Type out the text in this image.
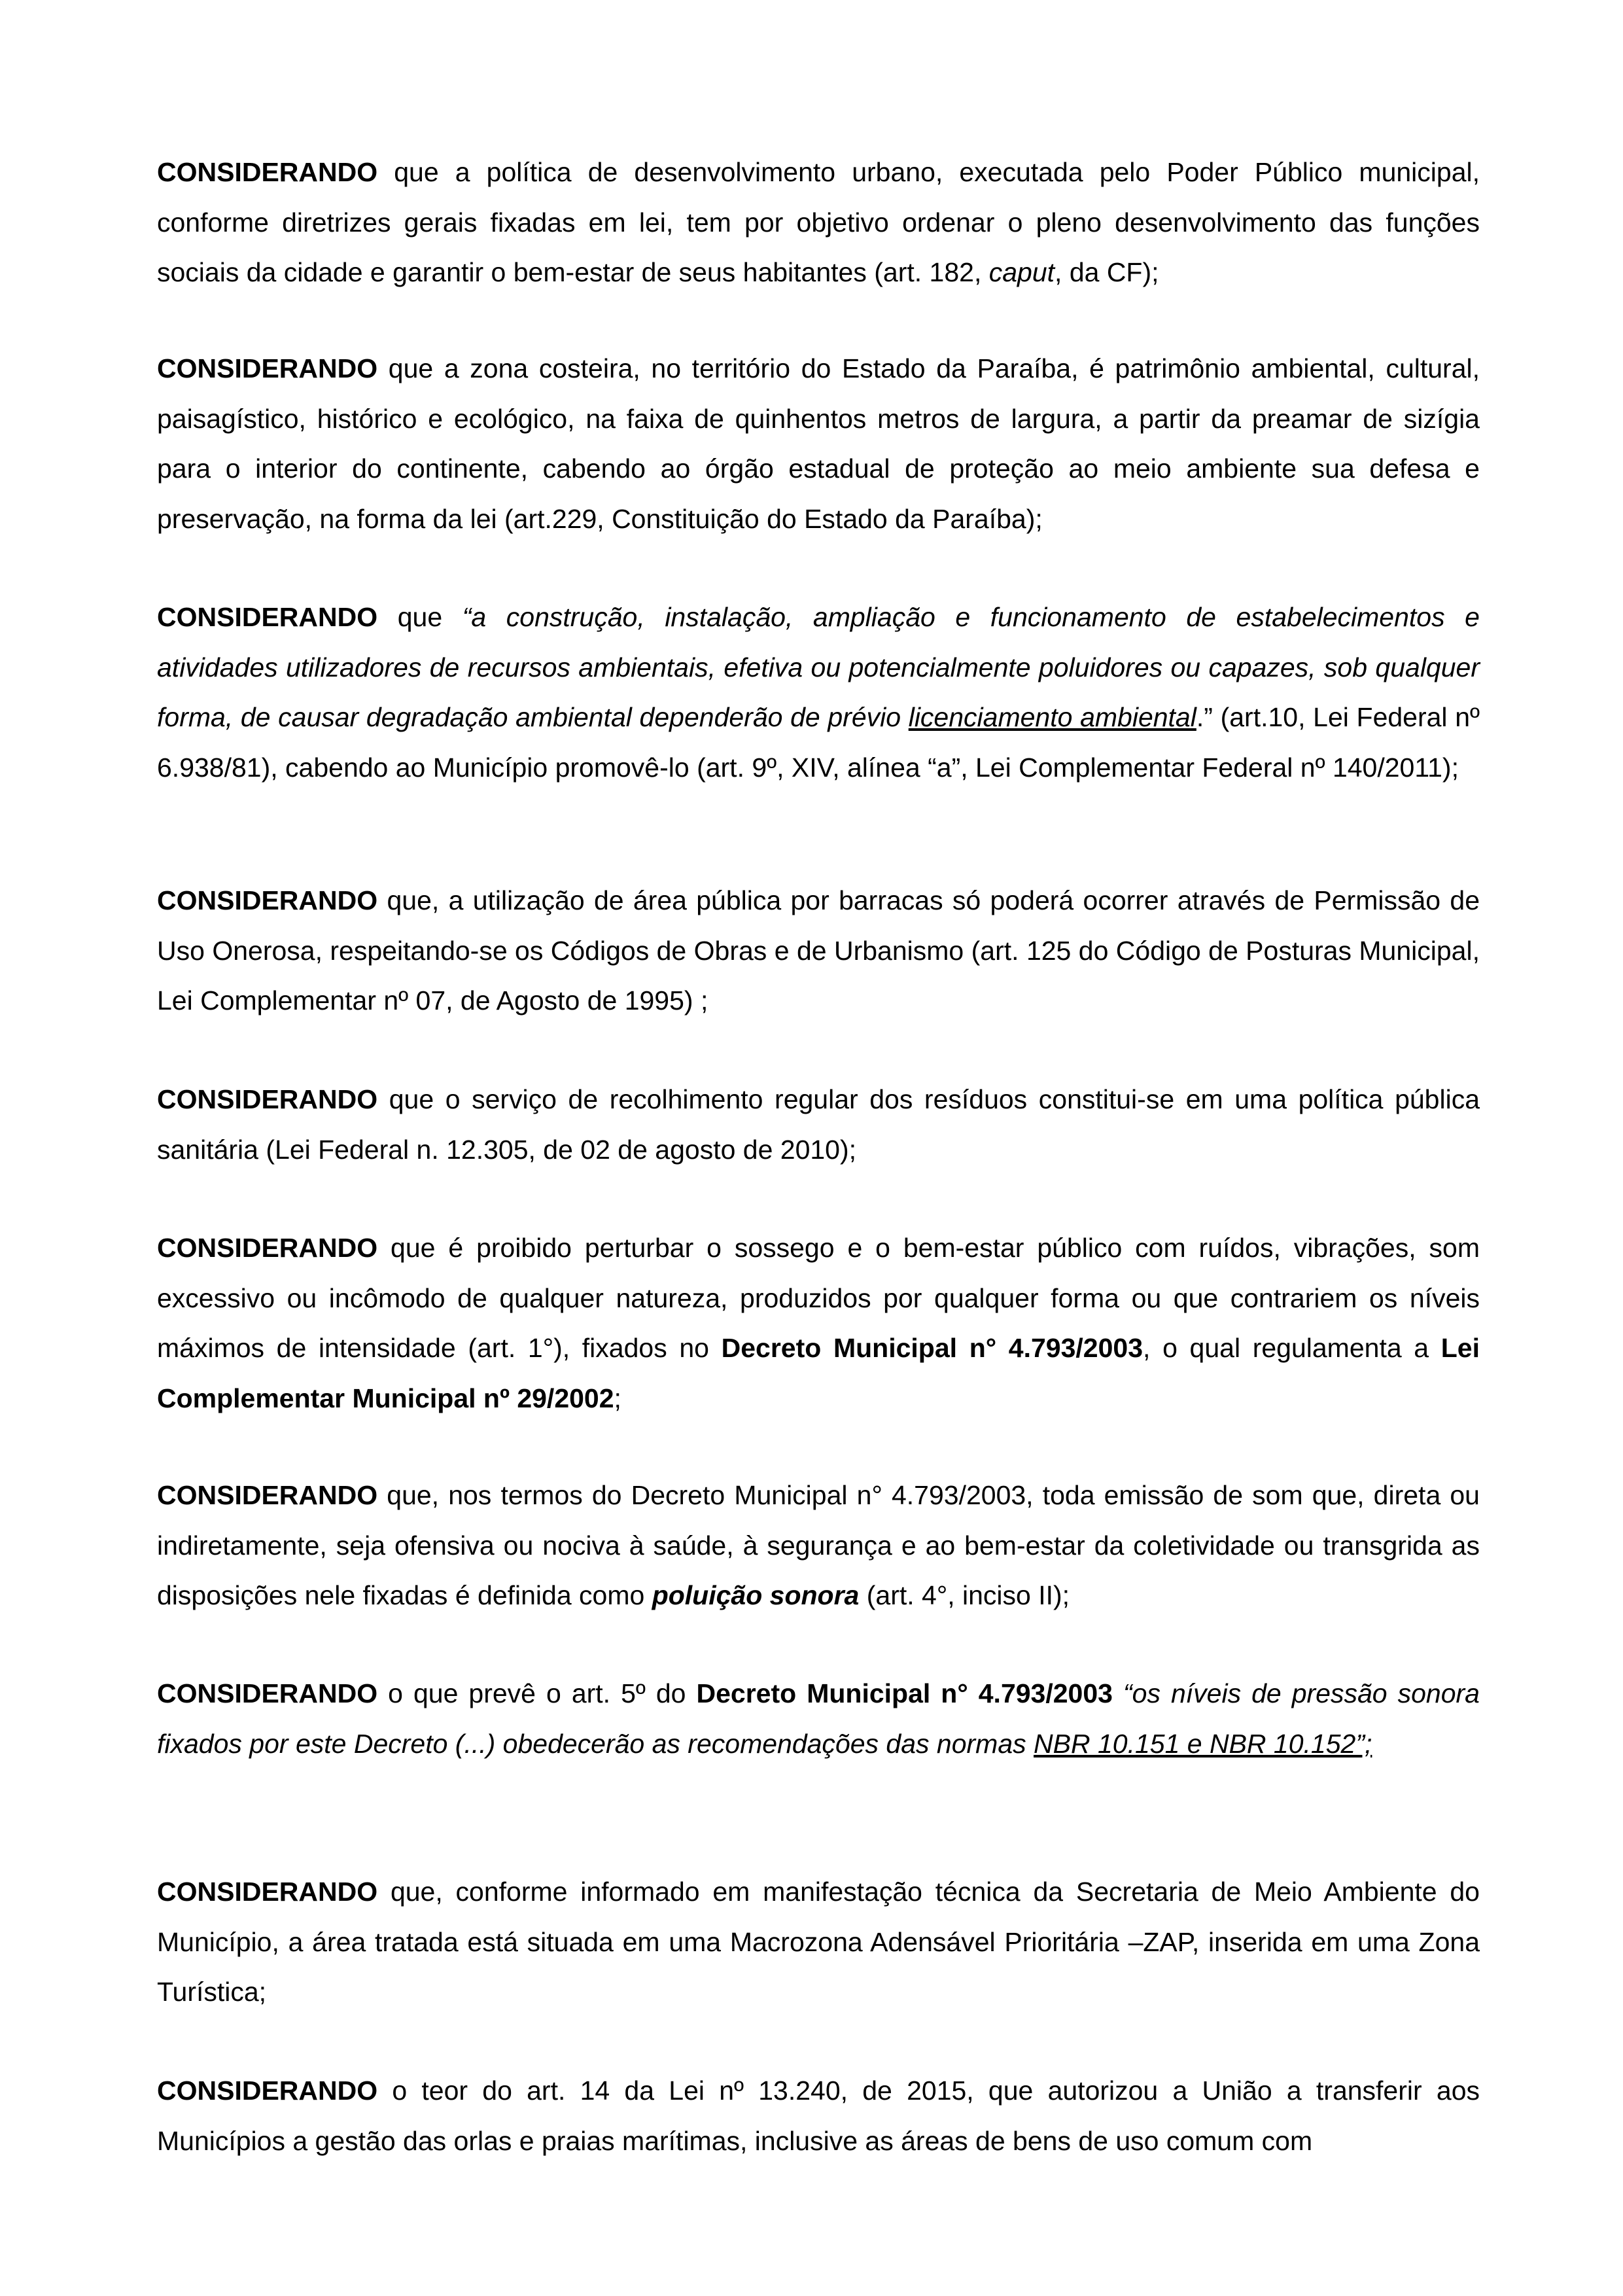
CONSIDERANDO que a política de desenvolvimento urbano, executada pelo Poder Público municipal, conforme diretrizes gerais fixadas em lei, tem por objetivo ordenar o pleno desenvolvimento das funções sociais da cidade e garantir o bem-estar de seus habitantes (art. 182, caput, da CF);

CONSIDERANDO que a zona costeira, no território do Estado da Paraíba, é patrimônio ambiental, cultural, paisagístico, histórico e ecológico, na faixa de quinhentos metros de largura, a partir da preamar de sizígia para o interior do continente, cabendo ao órgão estadual de proteção ao meio ambiente sua defesa e preservação, na forma da lei (art.229, Constituição do Estado da Paraíba);

CONSIDERANDO que “a construção, instalação, ampliação e funcionamento de estabelecimentos e atividades utilizadores de recursos ambientais, efetiva ou potencialmente poluidores ou capazes, sob qualquer forma, de causar degradação ambiental dependerão de prévio licenciamento ambiental.” (art.10, Lei Federal nº 6.938/81), cabendo ao Município promovê-lo (art. 9º, XIV, alínea “a”, Lei Complementar Federal nº 140/2011);

CONSIDERANDO que, a utilização de área pública por barracas só poderá ocorrer através de Permissão de Uso Onerosa, respeitando-se os Códigos de Obras e de Urbanismo (art. 125 do Código de Posturas Municipal, Lei Complementar nº 07, de Agosto de 1995) ;

CONSIDERANDO que o serviço de recolhimento regular dos resíduos constitui-se em uma política pública sanitária (Lei Federal n. 12.305, de 02 de agosto de 2010);

CONSIDERANDO que é proibido perturbar o sossego e o bem-estar público com ruídos, vibrações, som excessivo ou incômodo de qualquer natureza, produzidos por qualquer forma ou que contrariem os níveis máximos de intensidade (art. 1°), fixados no Decreto Municipal n° 4.793/2003, o qual regulamenta a Lei Complementar Municipal nº 29/2002;

CONSIDERANDO que, nos termos do Decreto Municipal n° 4.793/2003, toda emissão de som que, direta ou indiretamente, seja ofensiva ou nociva à saúde, à segurança e ao bem-estar da coletividade ou transgrida as disposições nele fixadas é definida como poluição sonora (art. 4°, inciso II);

CONSIDERANDO o que prevê o art. 5º do Decreto Municipal n° 4.793/2003 “os níveis de pressão sonora fixados por este Decreto (...) obedecerão as recomendações das normas NBR 10.151 e NBR 10.152”;

CONSIDERANDO que, conforme informado em manifestação técnica da Secretaria de Meio Ambiente do Município, a área tratada está situada em uma Macrozona Adensável Prioritária –ZAP, inserida em uma Zona Turística;

CONSIDERANDO o teor do art. 14 da Lei nº 13.240, de 2015, que autorizou a União a transferir aos Municípios a gestão das orlas e praias marítimas, inclusive as áreas de bens de uso comum com
